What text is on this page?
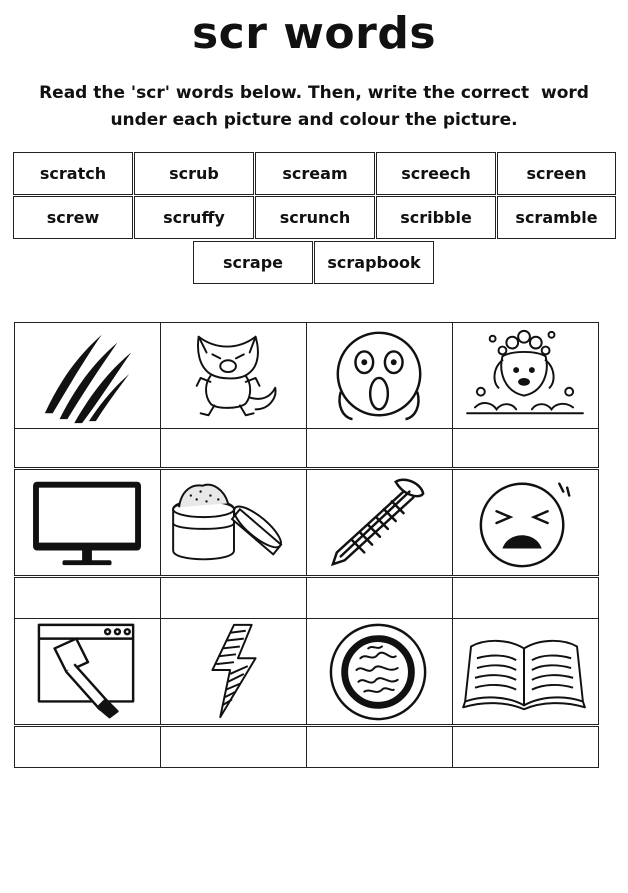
scr words
Read the 'scr' words below. Then, write the correct  word
under each picture and colour the picture.
scratch	scrub	scream	screech	screen
screw	scruffy	scrunch	scribble	scramble
scrape	scrapbook
